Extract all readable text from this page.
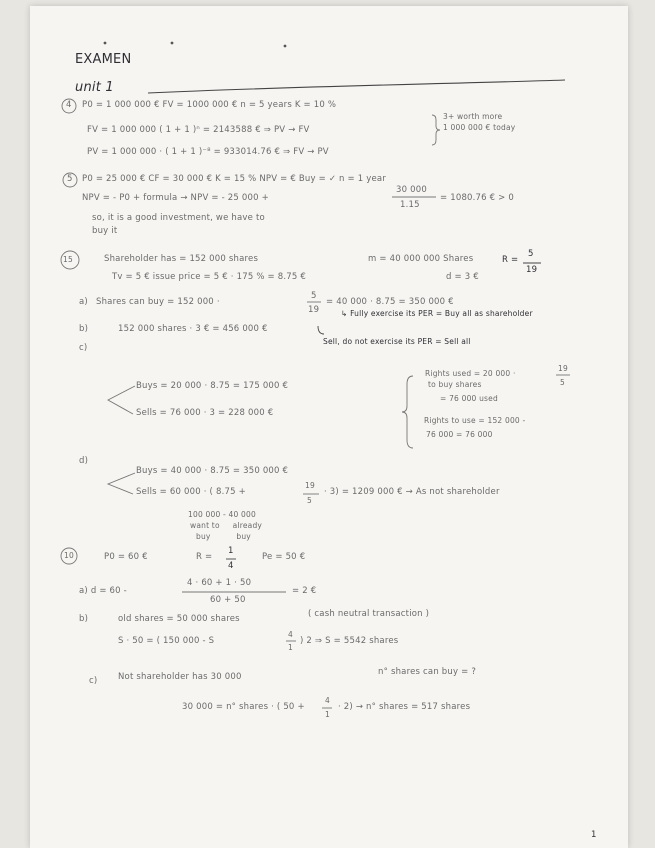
EXAMEN
unit 1
4 P0 = 1 000 000 € FV = 1000 000 € n = 5 years K = 10 %
3+ worth more
1 000 000 € today
FV = 1 000 000 ( 1 + 1 )ⁿ = 2143588 € ⇒ PV → FV
PV = 1 000 000 · ( 1 + 1 )⁻⁸ = 933014.76 € ⇒ FV → PV
5 P0 = 25 000 € CF = 30 000 € K = 15 % NPV = € Buy = ✓ n = 1 year
NPV = - P0 + formula → NPV = - 25 000 +
30 000
1.15
= 1080.76 € > 0
so, it is a good investment, we have to
buy it
15	Shareholder has = 152 000 shares	m = 40 000 000 Shares	R =
5
19
Tv = 5 € issue price = 5 € · 175 % = 8.75 €	d = 3 €
a) Shares can buy = 152 000 ·
5
19
= 40 000 · 8.75 = 350 000 €
↳ Fully exercise its PER = Buy all as shareholder
b)	152 000 shares · 3 € = 456 000 €
c)
Sell, do not exercise its PER = Sell all
Buys = 20 000 · 8.75 = 175 000 €
Sells = 76 000 · 3 = 228 000 €
Rights used = 20 000 ·
19
5
to buy shares
= 76 000 used
Rights to use = 152 000 -
76 000 = 76 000
d)
Buys = 40 000 · 8.75 = 350 000 €
Sells = 60 000 · ( 8.75 +
19
5
· 3) = 1209 000 € → As not shareholder
100 000 - 40 000
want to     already
buy          buy
10	P0 = 60 €	R =
1
4
Pe = 50 €
a) d = 60 -
4 · 60 + 1 · 50
60 + 50
= 2 €
b)	old shares = 50 000 shares	( cash neutral transaction )
S · 50 = ( 150 000 - S
4
1
) 2 ⇒ S = 5542 shares
c) Not shareholder has 30 000	n° shares can buy = ?
30 000 = n° shares · ( 50 +
4
1
· 2) → n° shares = 517 shares
1
